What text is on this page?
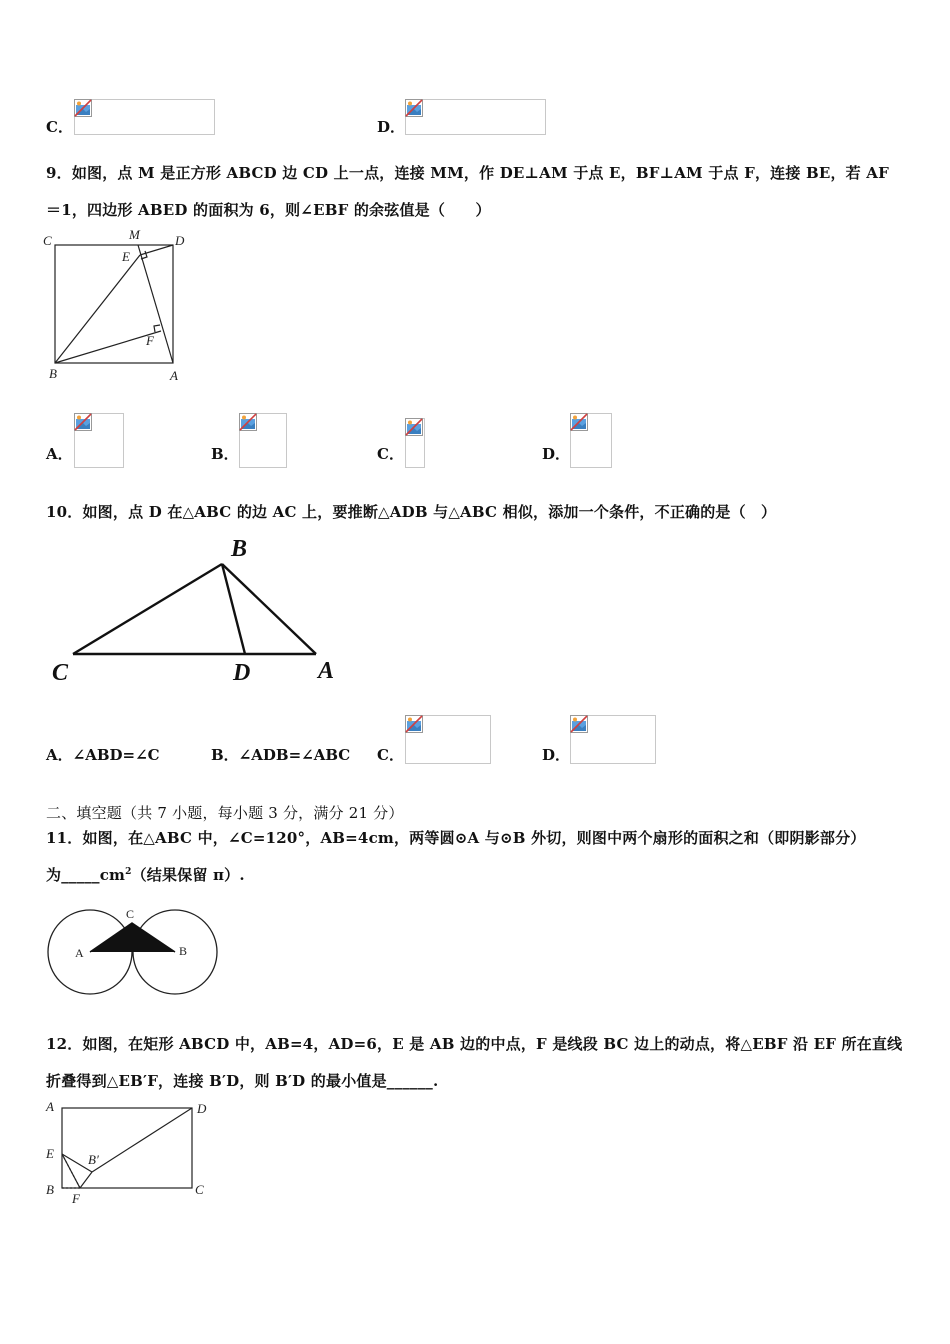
C．	D．
9．如图，点 M 是正方形 ABCD 边 CD 上一点，连接 MM，作 DE⊥AM 于点 E，BF⊥AM 于点 F，连接 BE，若 AF
＝1，四边形 ABED 的面积为 6，则∠EBF 的余弦值是（　　）
C	M	D
E
F
B	A
A．	B．	C．	D．
10．如图，点 D 在△ABC 的边 AC 上，要推断△ADB 与△ABC 相似，添加一个条件，不正确的是（　）
B
C	D	A
A．∠ABD=∠C	B．∠ADB=∠ABC C．	D．
二、填空题（共 7 小题，每小题 3 分，满分 21 分）
11．如图，在△ABC 中，∠C=120°，AB=4cm，两等圆⊙A 与⊙B 外切，则图中两个扇形的面积之和（即阴影部分）
为$\_\_\_\_\_cm^2$（结果保留 π）.
A	B
C
12．如图，在矩形 ABCD 中，AB=4，AD=6，E 是 AB 边的中点，F 是线段 BC 边上的动点，将△EBF 沿 EF 所在直线
折叠得到△EB′F，连接 B′D，则 B′D 的最小值是______.
A	D
E	B′
B
F
C
